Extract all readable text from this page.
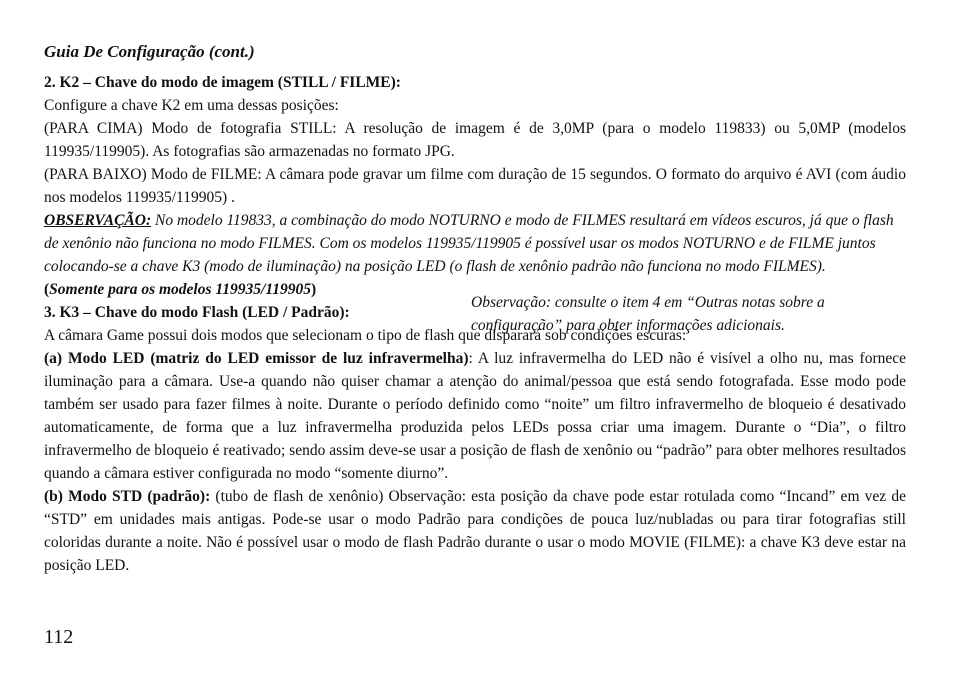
Guia De Configuração (cont.)

2. K2 – Chave do modo de imagem (STILL / FILME):

Configure a chave K2 em uma dessas posições:

(PARA CIMA) Modo de fotografia STILL: A resolução de imagem é de 3,0MP (para o modelo 119833) ou 5,0MP (modelos 119935/119905). As fotografias são armazenadas no formato JPG.

(PARA BAIXO) Modo de FILME: A câmara pode gravar um filme com duração de 15 segundos. O formato do arquivo é AVI (com áudio nos modelos 119935/119905) .

OBSERVAÇÃO: No modelo 119833, a combinação do modo NOTURNO e modo de FILMES resultará em vídeos escuros, já que o flash de xenônio não funciona no modo FILMES. Com os modelos 119935/119905 é possível usar os modos NOTURNO e de FILME juntos colocando-se a chave K3 (modo de iluminação) na posição LED (o flash de xenônio padrão não funciona no modo FILMES).

(Somente para os modelos 119935/119905)

3. K3 – Chave do modo Flash (LED / Padrão):

A câmara Game possui dois modos que selecionam o tipo de flash que disparará sob condições escuras:

(a) Modo LED (matriz do LED emissor de luz infravermelha): A luz infravermelha do LED não é visível a olho nu, mas fornece iluminação para a câmara. Use-a quando não quiser chamar a atenção do animal/pessoa que está sendo fotografada. Esse modo pode também ser usado para fazer filmes à noite. Durante o período definido como “noite” um filtro infravermelho de bloqueio é desativado automaticamente, de forma que a luz infravermelha produzida pelos LEDs possa criar uma imagem. Durante o “Dia”, o filtro infravermelho de bloqueio é reativado; sendo assim deve-se usar a posição de flash de xenônio ou “padrão” para obter melhores resultados quando a câmara estiver configurada no modo “somente diurno”.

(b) Modo STD (padrão): (tubo de flash de xenônio) Observação: esta posição da chave pode estar rotulada como “Incand” em vez de “STD” em unidades mais antigas. Pode-se usar o modo Padrão para condições de pouca luz/nubladas ou para tirar fotografias still coloridas durante a noite. Não é possível usar o modo de flash Padrão durante o usar o modo MOVIE (FILME): a chave K3 deve estar na posição LED.

Observação: consulte o item 4 em “Outras notas sobre a configuração” para obter informações adicionais.
112
